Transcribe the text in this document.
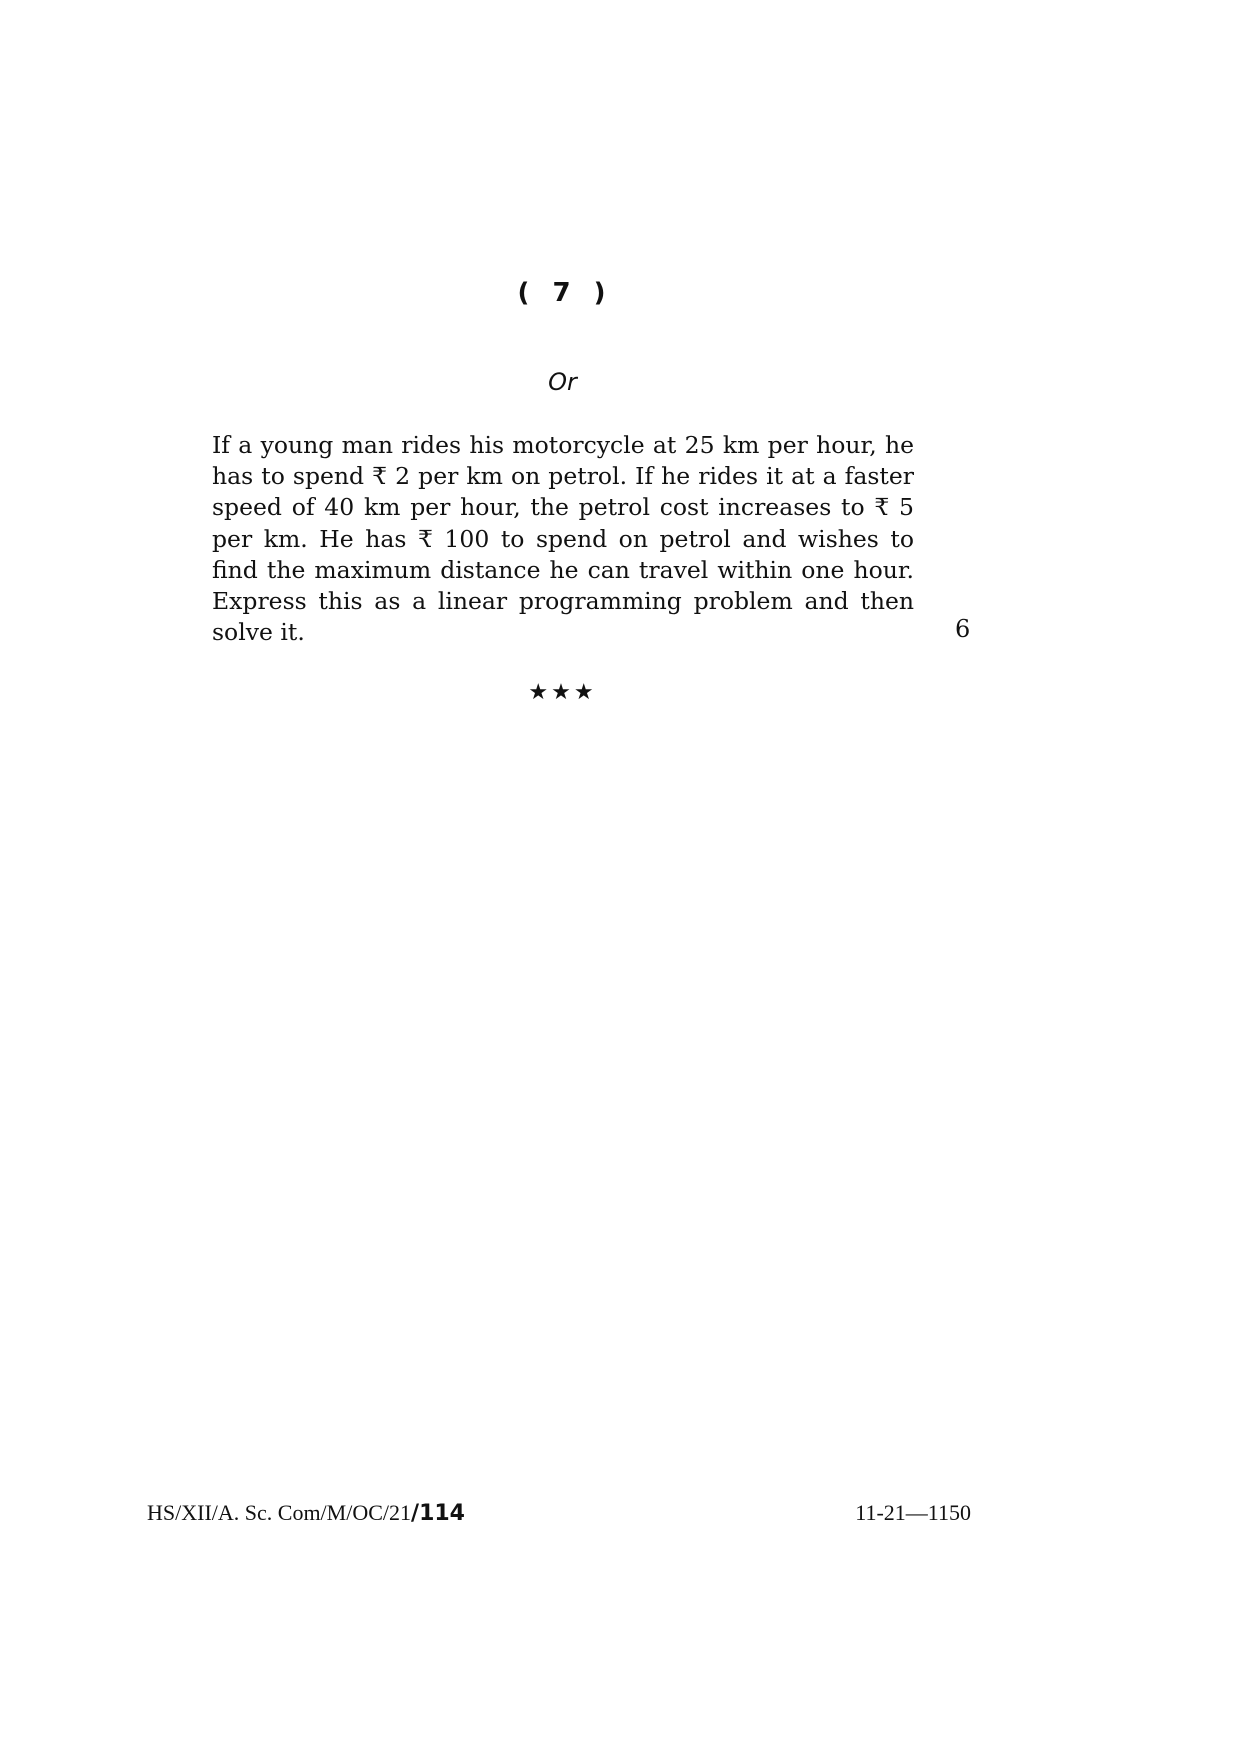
( 7 )
Or

If a young man rides his motorcycle at 25 km per hour, he has to spend ₹ 2 per km on petrol. If he rides it at a faster speed of 40 km per hour, the petrol cost increases to ₹ 5 per km. He has ₹ 100 to spend on petrol and wishes to find the maximum distance he can travel within one hour. Express this as a linear programming problem and then solve it.	6
★★★
HS/XII/A. Sc. Com/M/OC/21/114	11-21—1150
